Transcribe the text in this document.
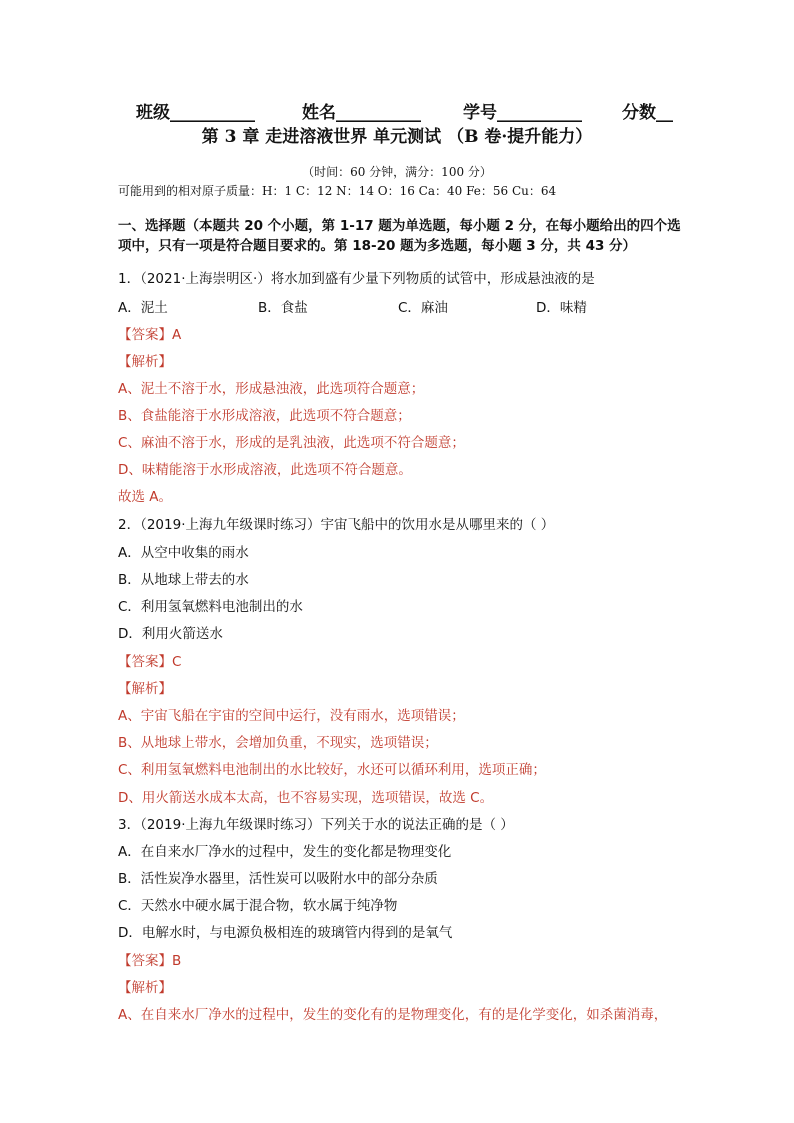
班级__________	姓名__________ 学号__________ 分数__
第 3 章 走进溶液世界 单元测试 （B 卷·提升能力）
（时间：60 分钟，满分：100 分）
可能用到的相对原子质量：H：1 C：12 N：14 O：16 Ca：40 Fe：56 Cu：64
一、选择题（本题共 20 个小题，第 1-17 题为单选题，每小题 2 分，在每小题给出的四个选
项中，只有一项是符合题目要求的。第 18-20 题为多选题，每小题 3 分，共 43 分）
1．（2021·上海崇明区·）将水加到盛有少量下列物质的试管中，形成悬浊液的是
A．泥土	B．食盐	C．麻油	D．味精
【答案】A
【解析】
A、泥土不溶于水，形成悬浊液，此选项符合题意；
B、食盐能溶于水形成溶液，此选项不符合题意；
C、麻油不溶于水，形成的是乳浊液，此选项不符合题意；
D、味精能溶于水形成溶液，此选项不符合题意。
故选 A。
2．（2019·上海九年级课时练习）宇宙飞船中的饮用水是从哪里来的（ ）
A．从空中收集的雨水
B．从地球上带去的水
C．利用氢氧燃料电池制出的水
D．利用火箭送水
【答案】C
【解析】
A、宇宙飞船在宇宙的空间中运行，没有雨水，选项错误；
B、从地球上带水，会增加负重，不现实，选项错误；
C、利用氢氧燃料电池制出的水比较好，水还可以循环利用，选项正确；
D、用火箭送水成本太高，也不容易实现，选项错误，故选 C。
3．（2019·上海九年级课时练习）下列关于水的说法正确的是（ ）
A．在自来水厂净水的过程中，发生的变化都是物理变化
B．活性炭净水器里，活性炭可以吸附水中的部分杂质
C．天然水中硬水属于混合物，软水属于纯净物
D．电解水时，与电源负极相连的玻璃管内得到的是氧气
【答案】B
【解析】
A、在自来水厂净水的过程中，发生的变化有的是物理变化，有的是化学变化，如杀菌消毒，
